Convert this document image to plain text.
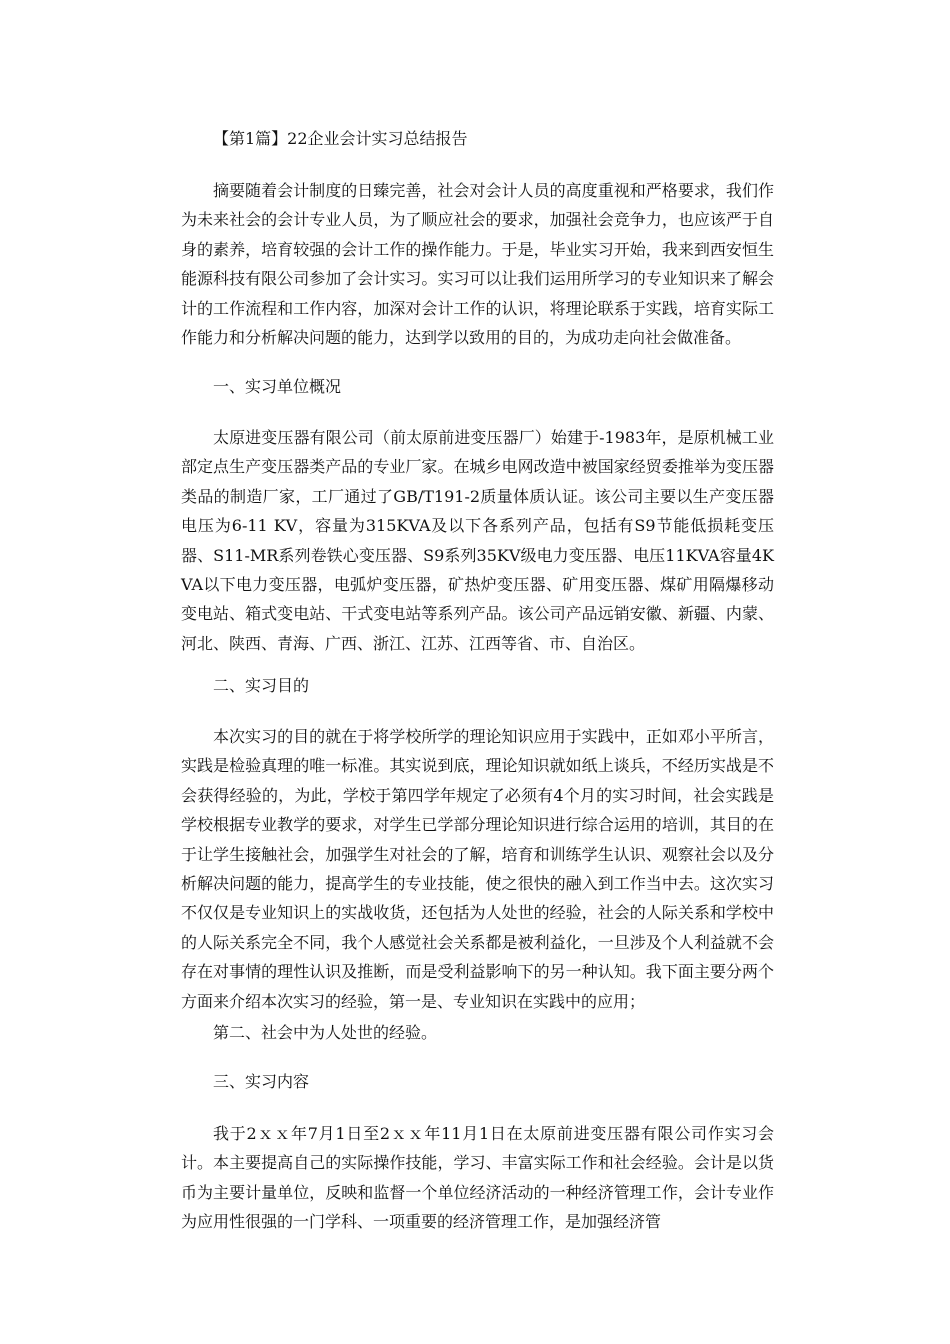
【第1篇】22企业会计实习总结报告
摘要随着会计制度的日臻完善，社会对会计人员的高度重视和严格要求，我们作为未来社会的会计专业人员，为了顺应社会的要求，加强社会竞争力，也应该严于自身的素养，培育较强的会计工作的操作能力。于是，毕业实习开始，我来到西安恒生能源科技有限公司参加了会计实习。实习可以让我们运用所学习的专业知识来了解会计的工作流程和工作内容，加深对会计工作的认识，将理论联系于实践，培育实际工作能力和分析解决问题的能力，达到学以致用的目的，为成功走向社会做准备。
一、实习单位概况
太原进变压器有限公司（前太原前进变压器厂）始建于-1983年，是原机械工业部定点生产变压器类产品的专业厂家。在城乡电网改造中被国家经贸委推举为变压器类品的制造厂家，工厂通过了GB/T191-2质量体质认证。该公司主要以生产变压器电压为6-11 KV，容量为315KVA及以下各系列产品，包括有S9节能低损耗变压器、S11-MR系列卷铁心变压器、S9系列35KV级电力变压器、电压11KVA容量4KVA以下电力变压器，电弧炉变压器，矿热炉变压器、矿用变压器、煤矿用隔爆移动变电站、箱式变电站、干式变电站等系列产品。该公司产品远销安徽、新疆、内蒙、河北、陕西、青海、广西、浙江、江苏、江西等省、市、自治区。
二、实习目的
本次实习的目的就在于将学校所学的理论知识应用于实践中，正如邓小平所言，实践是检验真理的唯一标准。其实说到底，理论知识就如纸上谈兵，不经历实战是不会获得经验的，为此，学校于第四学年规定了必须有4个月的实习时间，社会实践是学校根据专业教学的要求，对学生已学部分理论知识进行综合运用的培训，其目的在于让学生接触社会，加强学生对社会的了解，培育和训练学生认识、观察社会以及分析解决问题的能力，提高学生的专业技能，使之很快的融入到工作当中去。这次实习不仅仅是专业知识上的实战收货，还包括为人处世的经验，社会的人际关系和学校中的人际关系完全不同，我个人感觉社会关系都是被利益化，一旦涉及个人利益就不会存在对事情的理性认识及推断，而是受利益影响下的另一种认知。我下面主要分两个方面来介绍本次实习的经验，第一是、专业知识在实践中的应用；
第二、社会中为人处世的经验。
三、实习内容
我于2ｘｘ年7月1日至2ｘｘ年11月1日在太原前进变压器有限公司作实习会计。本主要提高自己的实际操作技能，学习、丰富实际工作和社会经验。会计是以货币为主要计量单位，反映和监督一个单位经济活动的一种经济管理工作，会计专业作为应用性很强的一门学科、一项重要的经济管理工作，是加强经济管
